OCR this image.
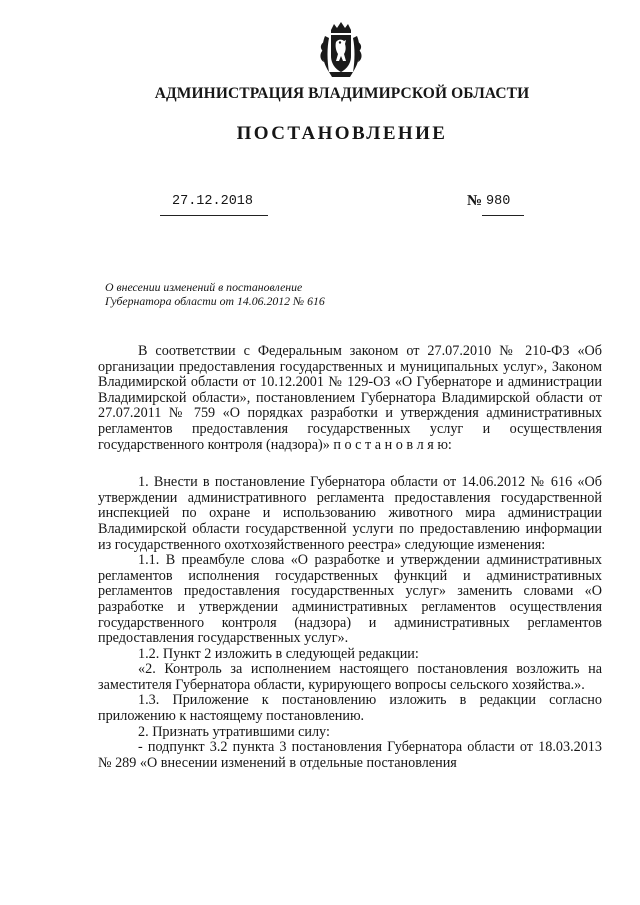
АДМИНИСТРАЦИЯ ВЛАДИМИРСКОЙ ОБЛАСТИ
ПОСТАНОВЛЕНИЕ
27.12.2018	№ 980
О внесении изменений в постановление
Губернатора области от 14.06.2012 № 616

В соответствии с Федеральным законом от 27.07.2010 № 210-ФЗ «Об организации предоставления государственных и муниципальных услуг», Законом Владимирской области от 10.12.2001 № 129-ОЗ «О Губернаторе и администрации Владимирской области», постановлением Губернатора Владимирской области от 27.07.2011 № 759 «О порядках разработки и утверждения административных регламентов предоставления государственных услуг и осуществления государственного контроля (надзора)» п о с т а н о в л я ю:

1. Внести в постановление Губернатора области от 14.06.2012 № 616 «Об утверждении административного регламента предоставления государственной инспекцией по охране и использованию животного мира администрации Владимирской области государственной услуги по предоставлению информации из государственного охотхозяйственного реестра» следующие изменения:

1.1. В преамбуле слова «О разработке и утверждении административных регламентов исполнения государственных функций и административных регламентов предоставления государственных услуг» заменить словами «О разработке и утверждении административных регламентов осуществления государственного контроля (надзора) и административных регламентов предоставления государственных услуг».

1.2. Пункт 2 изложить в следующей редакции:

«2. Контроль за исполнением настоящего постановления возложить на заместителя Губернатора области, курирующего вопросы сельского хозяйства.».

1.3. Приложение к постановлению изложить в редакции согласно приложению к настоящему постановлению.

2. Признать утратившими силу:

- подпункт 3.2 пункта 3 постановления Губернатора области от 18.03.2013 № 289 «О внесении изменений в отдельные постановления
